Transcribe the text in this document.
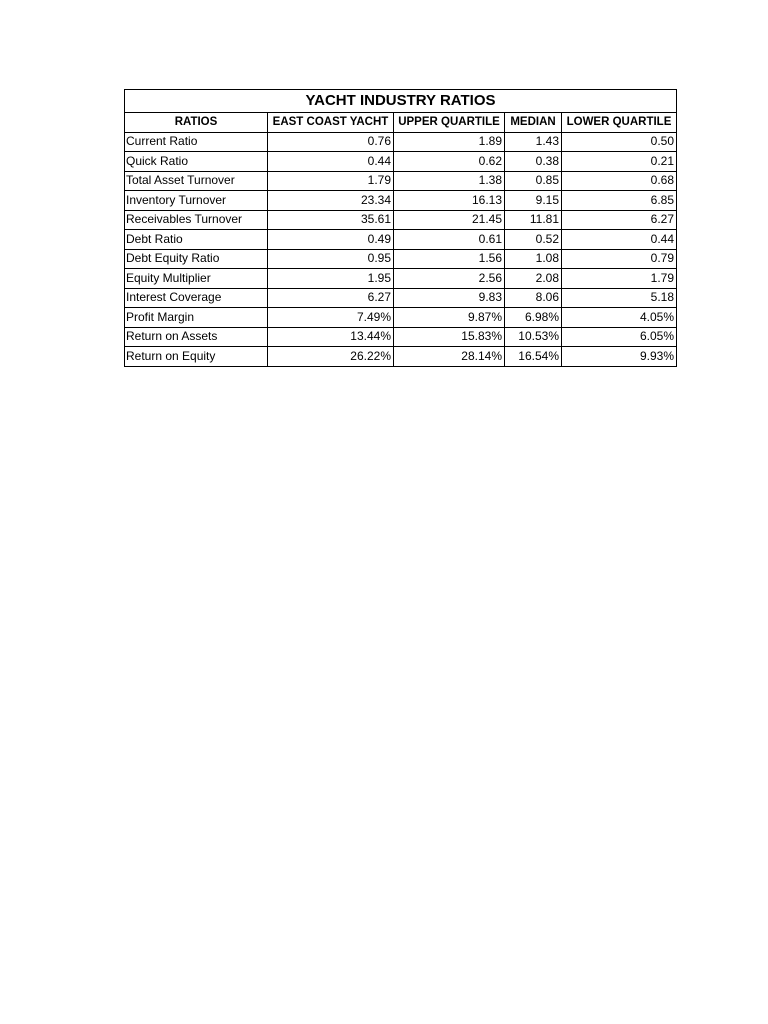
YACHT INDUSTRY RATIOS				
RATIOS	EAST COAST YACHT	UPPER QUARTILE	MEDIAN	LOWER QUARTILE
Current Ratio	0.76	1.89	1.43	0.50
Quick Ratio	0.44	0.62	0.38	0.21
Total Asset Turnover	1.79	1.38	0.85	0.68
Inventory Turnover	23.34	16.13	9.15	6.85
Receivables Turnover	35.61	21.45	11.81	6.27
Debt Ratio	0.49	0.61	0.52	0.44
Debt Equity Ratio	0.95	1.56	1.08	0.79
Equity Multiplier	1.95	2.56	2.08	1.79
Interest Coverage	6.27	9.83	8.06	5.18
Profit Margin	7.49%	9.87%	6.98%	4.05%
Return on Assets	13.44%	15.83%	10.53%	6.05%
Return on Equity	26.22%	28.14%	16.54%	9.93%
